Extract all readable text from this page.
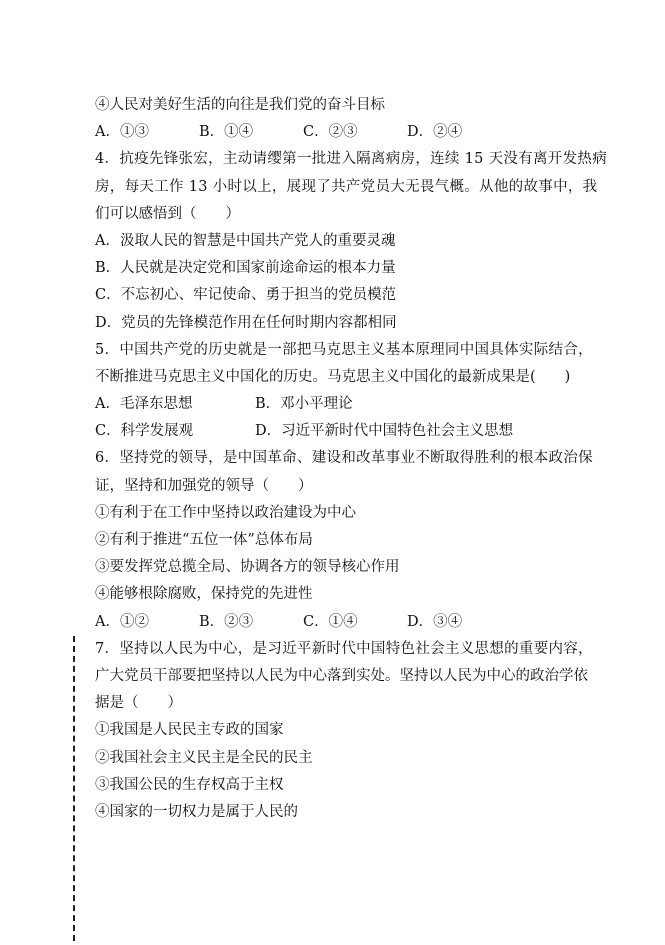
④人民对美好生活的向往是我们党的奋斗目标
A．①③	B．①④	C．②③	D．②④
4．抗疫先锋张宏，主动请缨第一批进入隔离病房，连续 15 天没有离开发热病
房，每天工作 13 小时以上，展现了共产党员大无畏气概。从他的故事中，我
们可以感悟到（　　）
A．汲取人民的智慧是中国共产党人的重要灵魂
B．人民就是决定党和国家前途命运的根本力量
C．不忘初心、牢记使命、勇于担当的党员模范
D．党员的先锋模范作用在任何时期内容都相同
5．中国共产党的历史就是一部把马克思主义基本原理同中国具体实际结合，
不断推进马克思主义中国化的历史。马克思主义中国化的最新成果是(　　)
A．毛泽东思想	B．邓小平理论
C．科学发展观	D．习近平新时代中国特色社会主义思想
6．坚持党的领导，是中国革命、建设和改革事业不断取得胜利的根本政治保
证，坚持和加强党的领导（　　）
①有利于在工作中坚持以政治建设为中心
②有利于推进“五位一体”总体布局
③要发挥党总揽全局、协调各方的领导核心作用
④能够根除腐败，保持党的先进性
A．①②	B．②③	C．①④	D．③④
7．坚持以人民为中心，是习近平新时代中国特色社会主义思想的重要内容，
广大党员干部要把坚持以人民为中心落到实处。坚持以人民为中心的政治学依
据是（　　）
①我国是人民民主专政的国家
②我国社会主义民主是全民的民主
③我国公民的生存权高于主权
④国家的一切权力是属于人民的
